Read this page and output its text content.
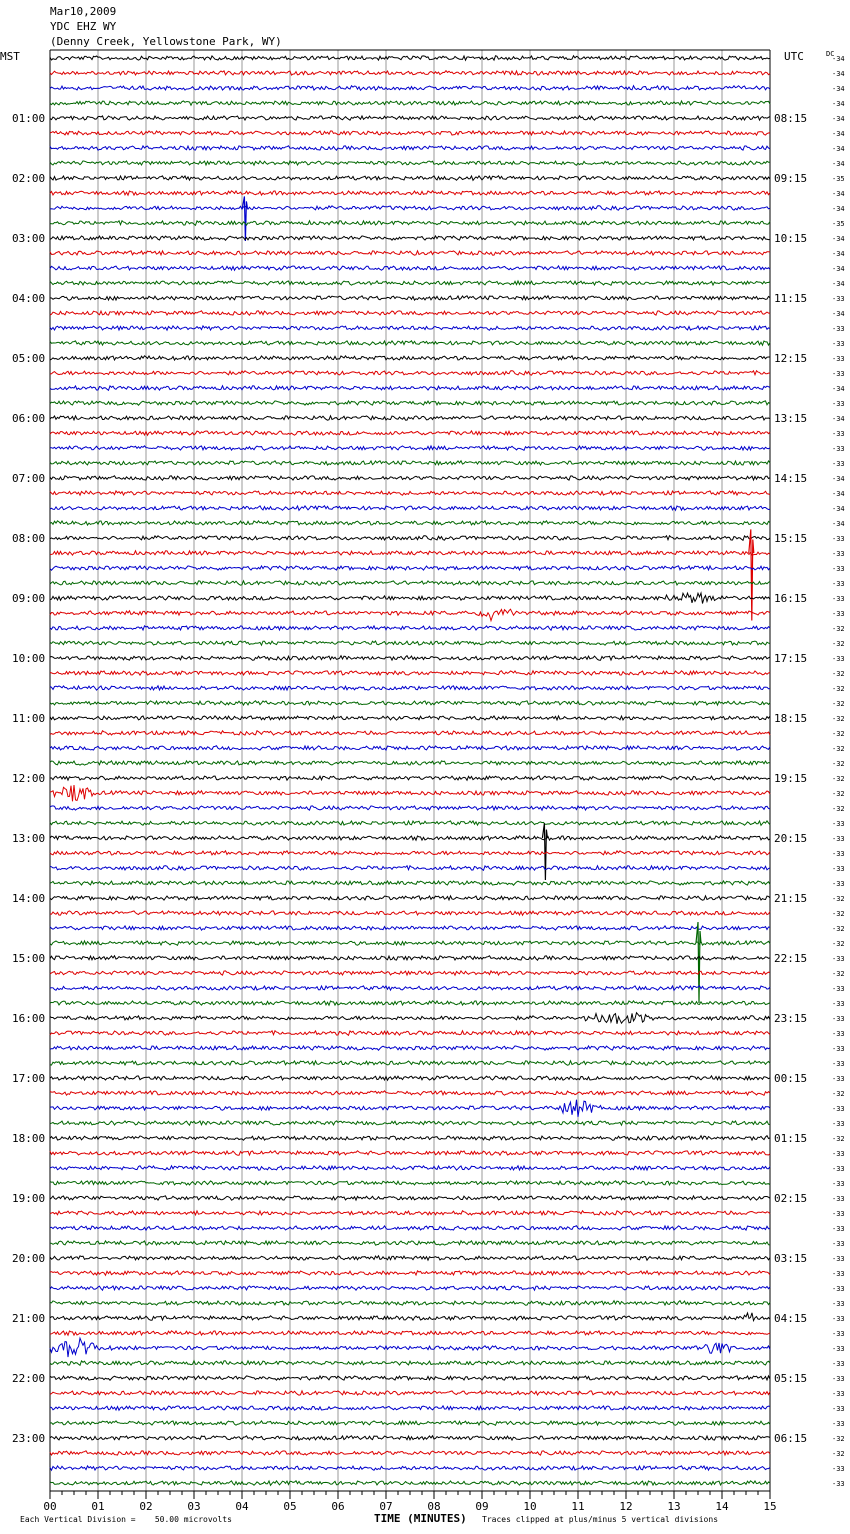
Mar10,2009
YDC EHZ WY
(Denny Creek, Yellowstone Park, WY)
MST	UTC	DC
00	01	02	03	04	05	06	07	08	09	10	11	12	13	14	15
-34
-34
-34
-34
-34
-34
-34
-34
-35
-34
-34
-35
-34
-34
-34
-34
-33
-34
-33
-33
-33
-33
-34
-33
-34
-33
-33
-33
-34
-34
-34
-34
-33
-33
-33
-33
-33
-33
-32
-32
-33
-32
-32
-32
-32
-32
-32
-32
-32
-32
-32
-33
-33
-33
-33
-33
-32
-32
-32
-32
-33
-32
-33
-33
-33
-33
-33
-33
-33
-32
-33
-33
-32
-33
-33
-33
-33
-33
-33
-33
-33
-33
-33
-33
-33
-33
-33
-33
-33
-33
-33
-33
-32
-32
-33
-33
01:00
02:00
03:00
04:00
05:00
06:00
07:00
08:00
09:00
10:00
11:00
12:00
13:00
14:00
15:00
16:00
17:00
18:00
19:00
20:00
21:00
22:00
23:00
08:15
09:15
10:15
11:15
12:15
13:15
14:15
15:15
16:15
17:15
18:15
19:15
20:15
21:15
22:15
23:15
00:15
01:15
02:15
03:15
04:15
05:15
06:15
Each Vertical Division =    50.00 microvolts	TIME (MINUTES) Traces clipped at plus/minus 5 vertical divisions
